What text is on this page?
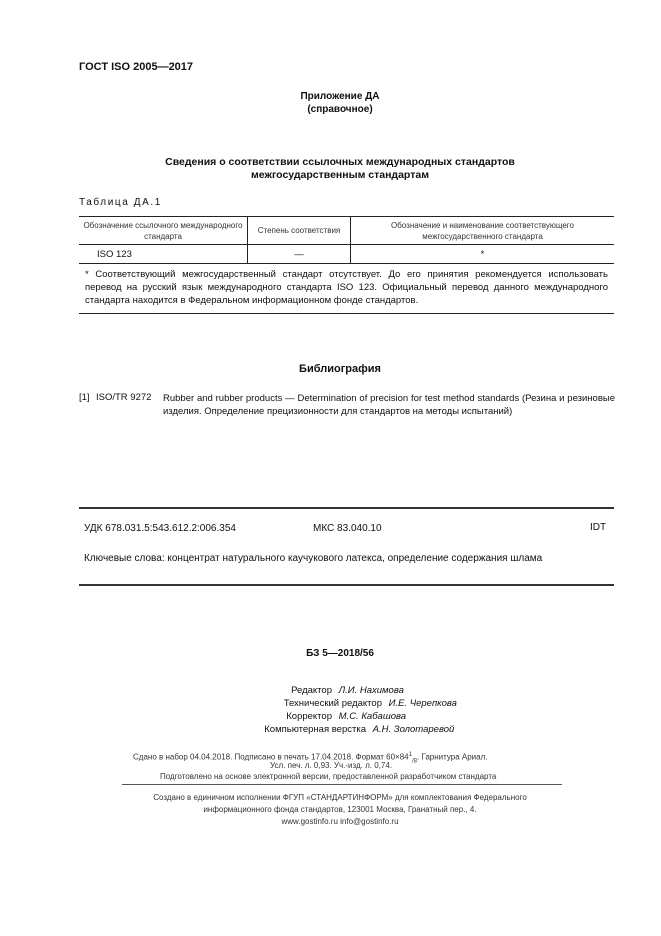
ГОСТ ISO 2005—2017
Приложение ДА
(справочное)
Сведения о соответствии ссылочных международных стандартов
межгосударственным стандартам
Таблица ДА.1
Обозначение ссылочного международного стандарта	Степень соответствия	Обозначение и наименование соответствующего межгосударственного стандарта
ISO 123	—	*
* Соответствующий межгосударственный стандарт отсутствует. До его принятия рекомендуется использовать перевод на русский язык международного стандарта ISO 123. Официальный перевод данного международного стандарта находится в Федеральном информационном фонде стандартов.		
Библиография
[1] ISO/TR 9272 Rubber and rubber products — Determination of precision for test method standards (Резина и резиновые изделия. Определение прецизионности для стандартов на методы испытаний)
УДК 678.031.5:543.612.2:006.354	МКС 83.040.10	IDT
Ключевые слова: концентрат натурального каучукового латекса, определение содержания шлама
БЗ 5—2018/56
Редактор Л.И. Нахимова
Технический редактор И.Е. Черепкова
Корректор М.С. Кабашова
Компьютерная верстка А.Н. Золотаревой
Сдано в набор 04.04.2018. Подписано в печать 17.04.2018. Формат $60\times 84^1_{/8}$. Гарнитура Ариал.
Усл. печ. л. 0,93. Уч.-изд. л. 0,74.
Подготовлено на основе электронной версии, предоставленной разработчиком стандарта
Создано в единичном исполнении ФГУП «СТАНДАРТИНФОРМ» для комплектования Федерального
информационного фонда стандартов, 123001 Москва, Гранатный пер., 4.
www.gostinfo.ru info@gostinfo.ru
